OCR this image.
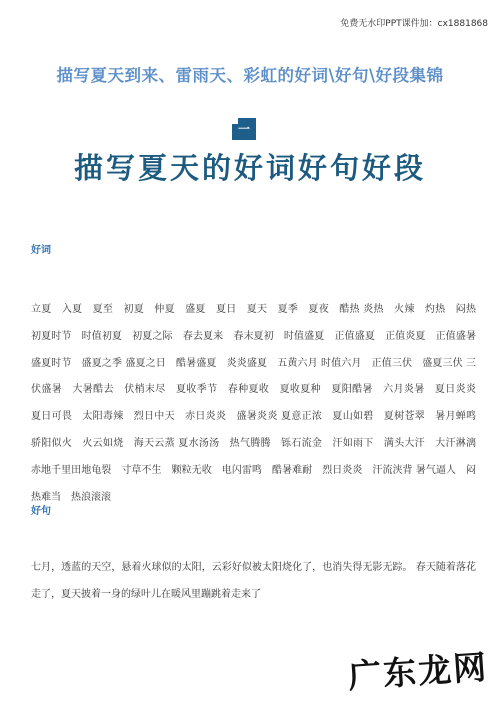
免费无水印PPT课件加：cx1881868
描写夏天到来、雷雨天、彩虹的好词\好句\好段集锦
一
描写夏天的好词好句好段
好词
立夏　入夏　夏至　初夏　仲夏　盛夏　夏日　夏天　夏季　夏夜　酷热 炎热　火辣　灼热　闷热　初夏时节　时值初夏　初夏之际　春去夏来　春末夏初　时值盛夏　正值盛夏　正值炎夏　正值盛暑　盛夏时节　盛夏之季 盛夏之日　酷暑盛夏　炎炎盛夏　五黄六月 时值六月　正值三伏　盛夏三伏 三伏盛暑　大暑酷去　伏梢末尽　夏收季节　春种夏收　夏收夏种　夏阳酷暑　六月炎暑　夏日炎炎　夏日可畏　太阳毒辣　烈日中天　赤日炎炎　盛暑炎炎 夏意正浓　夏山如碧　夏树苍翠　暑月蝉鸣　骄阳似火　火云如烧　海天云蒸 夏水汤汤　热气腾腾　铄石流金　汗如雨下　满头大汗　大汗淋漓　赤地千里田地龟裂　寸草不生　颗粒无收　电闪雷鸣　酷暑难耐　烈日炎炎　汗流浃背 暑气逼人　闷热难当　热浪滚滚
好句
七月，透蓝的天空，悬着火球似的太阳，云彩好似被太阳烧化了，也消失得无影无踪。 春天随着落花走了，夏天披着一身的绿叶儿在暖风里蹦跳着走来了
广东龙网
